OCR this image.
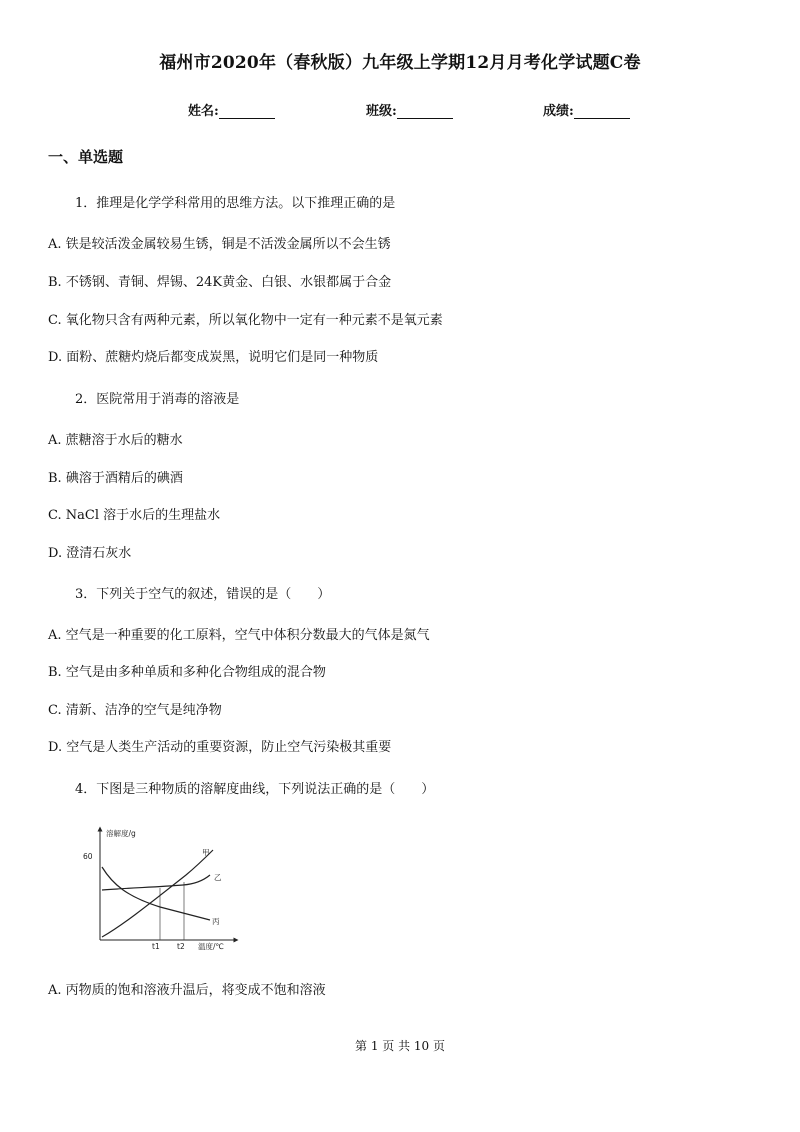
福州市2020年（春秋版）九年级上学期12月月考化学试题C卷
姓名:	班级:	成绩:
一、单选题
1．推理是化学学科常用的思维方法。以下推理正确的是
A. 铁是较活泼金属较易生锈，铜是不活泼金属所以不会生锈
B. 不锈钢、青铜、焊锡、24K黄金、白银、水银都属于合金
C. 氧化物只含有两种元素，所以氧化物中一定有一种元素不是氧元素
D. 面粉、蔗糖灼烧后都变成炭黑，说明它们是同一种物质
2．医院常用于消毒的溶液是
A. 蔗糖溶于水后的糖水
B. 碘溶于酒精后的碘酒
C. NaCl 溶于水后的生理盐水
D. 澄清石灰水
3．下列关于空气的叙述，错误的是（　　）
A. 空气是一种重要的化工原料，空气中体积分数最大的气体是氮气
B. 空气是由多种单质和多种化合物组成的混合物
C. 清新、洁净的空气是纯净物
D. 空气是人类生产活动的重要资源，防止空气污染极其重要
4．下图是三种物质的溶解度曲线，下列说法正确的是（　　）
溶解度/g
60
温度/℃
t1 t2
甲
乙
丙
A. 丙物质的饱和溶液升温后，将变成不饱和溶液
第 1 页 共 10 页
